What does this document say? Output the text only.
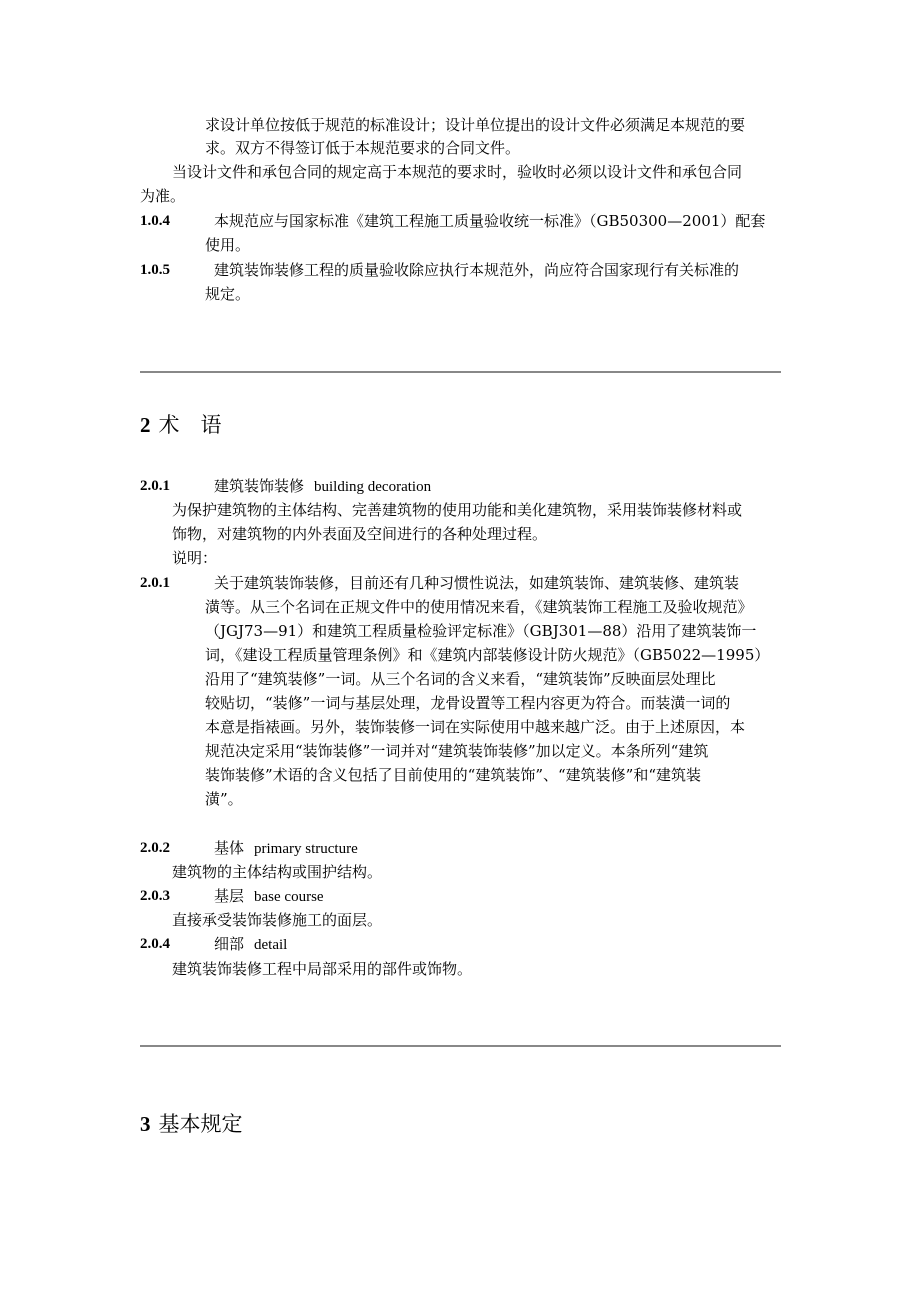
求设计单位按低于规范的标准设计；设计单位提出的设计文件必须满足本规范的要
求。双方不得签订低于本规范要求的合同文件。
当设计文件和承包合同的规定高于本规范的要求时，验收时必须以设计文件和承包合同
为准。
1.0.4	本规范应与国家标准《建筑工程施工质量验收统一标准》（GB50300—2001）配套
使用。
1.0.5	建筑装饰装修工程的质量验收除应执行本规范外，尚应符合国家现行有关标准的
规定。
2 术　语
2.0.1	建筑装饰装修 building decoration
为保护建筑物的主体结构、完善建筑物的使用功能和美化建筑物，采用装饰装修材料或
饰物，对建筑物的内外表面及空间进行的各种处理过程。
说明：
2.0.1	关于建筑装饰装修，目前还有几种习惯性说法，如建筑装饰、建筑装修、建筑装
潢等。从三个名词在正规文件中的使用情况来看，《建筑装饰工程施工及验收规范》
（JGJ73—91）和建筑工程质量检验评定标准》（GBJ301—88）沿用了建筑装饰一
词，《建设工程质量管理条例》和《建筑内部装修设计防火规范》（GB5022—1995）
沿用了“建筑装修”一词。从三个名词的含义来看，“建筑装饰”反映面层处理比
较贴切，“装修”一词与基层处理，龙骨设置等工程内容更为符合。而装潢一词的
本意是指裱画。另外，装饰装修一词在实际使用中越来越广泛。由于上述原因，本
规范决定采用“装饰装修”一词并对“建筑装饰装修”加以定义。本条所列“建筑
装饰装修”术语的含义包括了目前使用的“建筑装饰”、“建筑装修”和“建筑装
潢”。
2.0.2	基体 primary structure
建筑物的主体结构或围护结构。
2.0.3	基层 base course
直接承受装饰装修施工的面层。
2.0.4	细部 detail
建筑装饰装修工程中局部采用的部件或饰物。
3 基本规定
